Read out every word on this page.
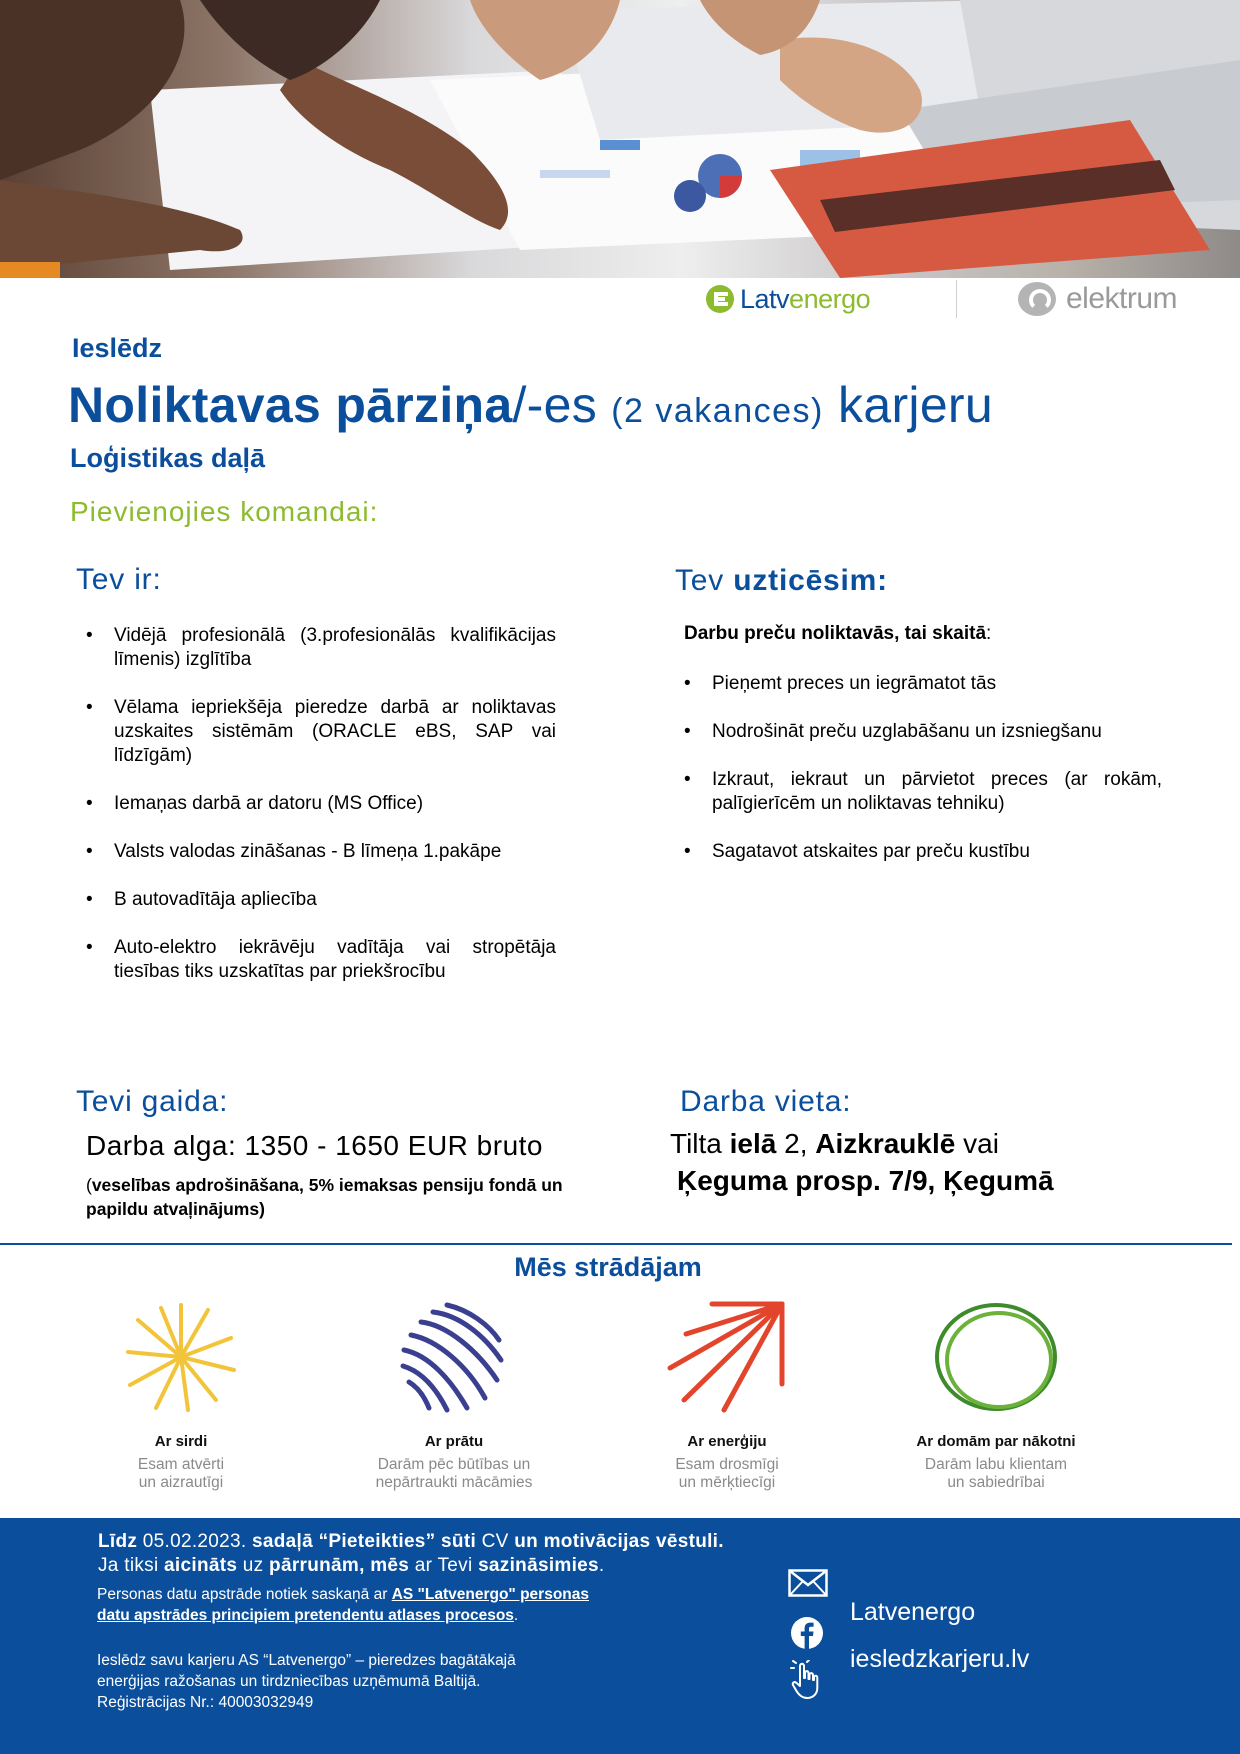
Latvenergo	elektrum
Ieslēdz
Noliktavas pārziņa/-es (2 vakances) karjeru
Loģistikas daļā
Pievienojies komandai:
Tev ir:
• Vidējā profesionālā (3.profesionālās kvalifikācijas līmenis) izglītība
• Vēlama iepriekšēja pieredze darbā ar noliktavas uzskaites sistēmām (ORACLE eBS, SAP vai līdzīgām)
• Iemaņas darbā ar datoru (MS Office)
• Valsts valodas zināšanas - B līmeņa 1.pakāpe
• B autovadītāja apliecība
• Auto-elektro iekrāvēju vadītāja vai stropētāja tiesības tiks uzskatītas par priekšrocību
Tev uzticēsim:
Darbu preču noliktavās, tai skaitā:
• Pieņemt preces un iegrāmatot tās
• Nodrošināt preču uzglabāšanu un izsniegšanu
• Izkraut, iekraut un pārvietot preces (ar rokām, palīgierīcēm un noliktavas tehniku)
• Sagatavot atskaites par preču kustību
Tevi gaida:
Darba alga: 1350 - 1650 EUR bruto
(veselības apdrošināšana, 5% iemaksas pensiju fondā un papildu atvaļinājums)
Darba vieta:
Tilta ielā 2, Aizkrauklē vai
Ķeguma prosp. 7/9, Ķegumā
Mēs strādājam
Ar sirdi
Esam atvērti
un aizrautīgi
Ar prātu
Darām pēc būtības un
nepārtraukti mācāmies
Ar enerģiju
Esam drosmīgi
un mērķtiecīgi
Ar domām par nākotni
Darām labu klientam
un sabiedrībai
Līdz 05.02.2023. sadaļā “Pieteikties” sūti CV un motivācijas vēstuli.
Ja tiksi aicināts uz pārrunām, mēs ar Tevi sazināsimies.
Personas datu apstrāde notiek saskaņā ar AS "Latvenergo" personas
datu apstrādes principiem pretendentu atlases procesos.
Ieslēdz savu karjeru AS “Latvenergo” – pieredzes bagātākajā
enerģijas ražošanas un tirdzniecības uzņēmumā Baltijā.
Reģistrācijas Nr.: 40003032949
Latvenergo
iesledzkarjeru.lv
